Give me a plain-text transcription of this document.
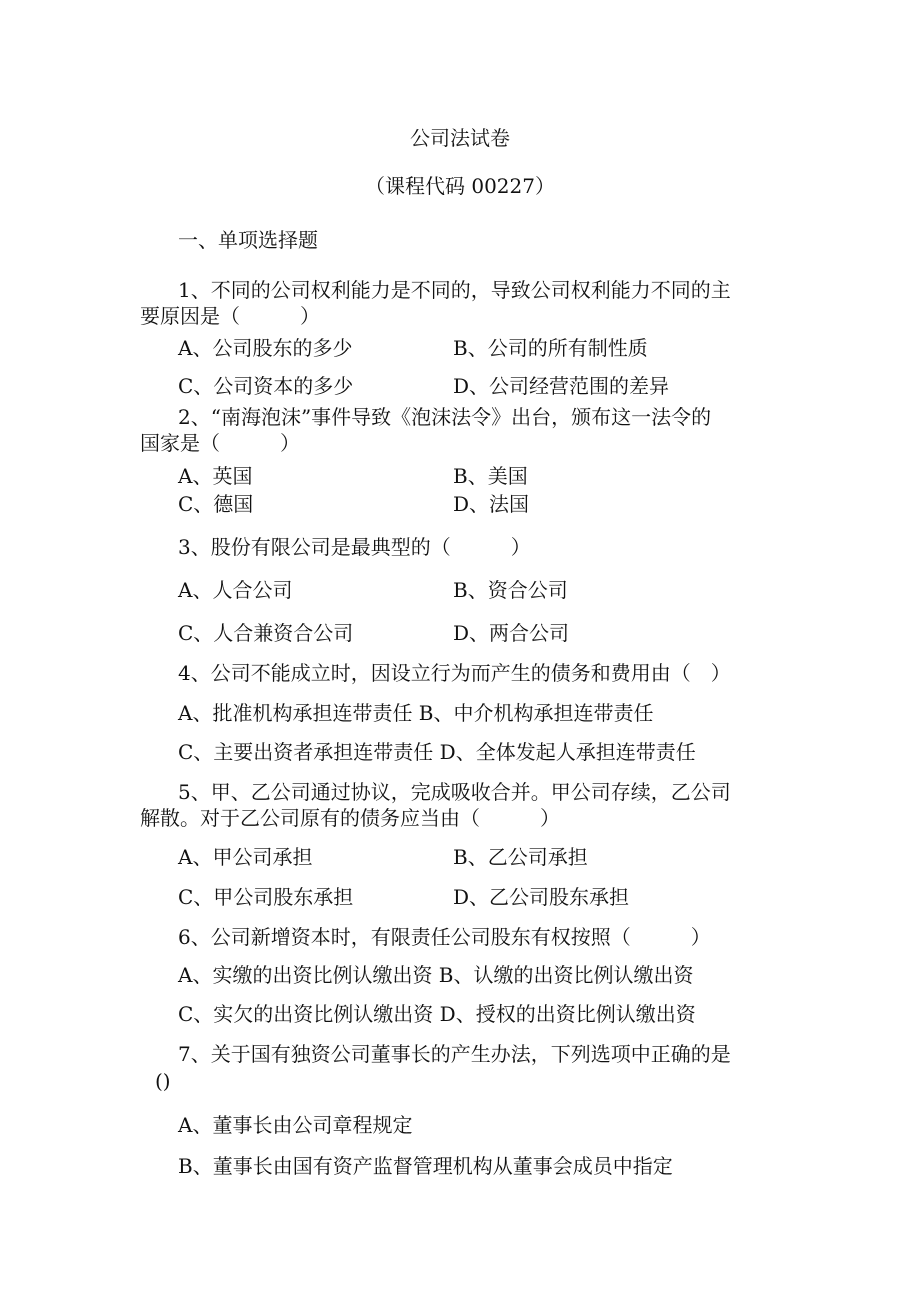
公司法试卷
（课程代码 00227）
一、单项选择题
1、不同的公司权利能力是不同的，导致公司权利能力不同的主
要原因是（　　　）
A、公司股东的多少	B、公司的所有制性质
C、公司资本的多少	D、公司经营范围的差异
2、“南海泡沫”事件导致《泡沫法令》出台，颁布这一法令的
国家是（　　　）
A、英国	B、美国
C、德国	D、法国
3、股份有限公司是最典型的（　　　）
A、人合公司	B、资合公司
C、人合兼资合公司	D、两合公司
4、公司不能成立时，因设立行为而产生的债务和费用由（　）
A、批准机构承担连带责任 B、中介机构承担连带责任
C、主要出资者承担连带责任 D、全体发起人承担连带责任
5、甲、乙公司通过协议，完成吸收合并。甲公司存续，乙公司
解散。对于乙公司原有的债务应当由（　　　）
A、甲公司承担	B、乙公司承担
C、甲公司股东承担	D、乙公司股东承担
6、公司新增资本时，有限责任公司股东有权按照（　　　）
A、实缴的出资比例认缴出资 B、认缴的出资比例认缴出资
C、实欠的出资比例认缴出资 D、授权的出资比例认缴出资
7、关于国有独资公司董事长的产生办法，下列选项中正确的是
()
A、董事长由公司章程规定
B、董事长由国有资产监督管理机构从董事会成员中指定
